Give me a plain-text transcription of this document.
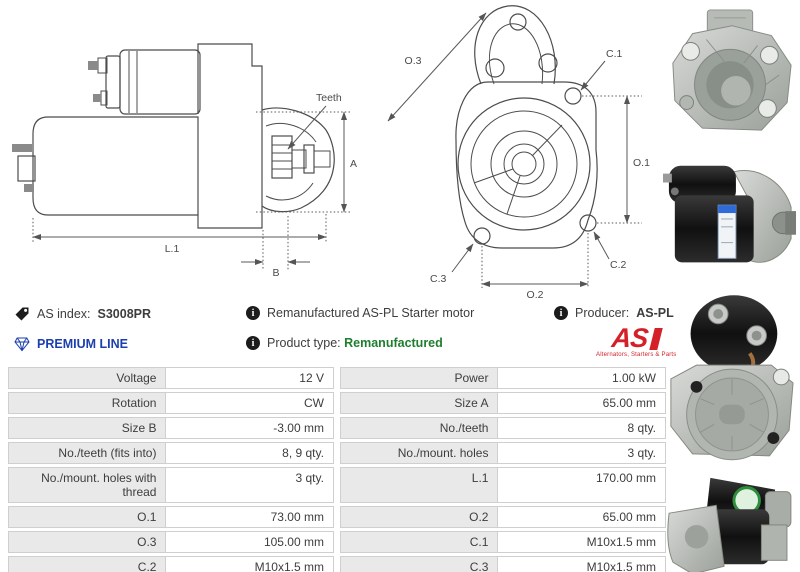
A
L.1
B
Teeth
O.3
C.1
O.1
C.2
C.3
O.2
AS index: S3008PR
PREMIUM LINE
i	Remanufactured AS-PL Starter motor
i	Product type: Remanufactured
i	Producer: AS-PL
AS
Alternators, Starters & Parts
Voltage	12 V		Power	1.00 kW
Rotation	CW		Size A	65.00 mm
Size B	-3.00 mm		No./teeth	8 qty.
No./teeth (fits into)	8, 9 qty.		No./mount. holes	3 qty.
No./mount. holes with thread	3 qty.		L.1	170.00 mm
O.1	73.00 mm		O.2	65.00 mm
O.3	105.00 mm		C.1	M10x1.5 mm
C.2	M10x1.5 mm		C.3	M10x1.5 mm
